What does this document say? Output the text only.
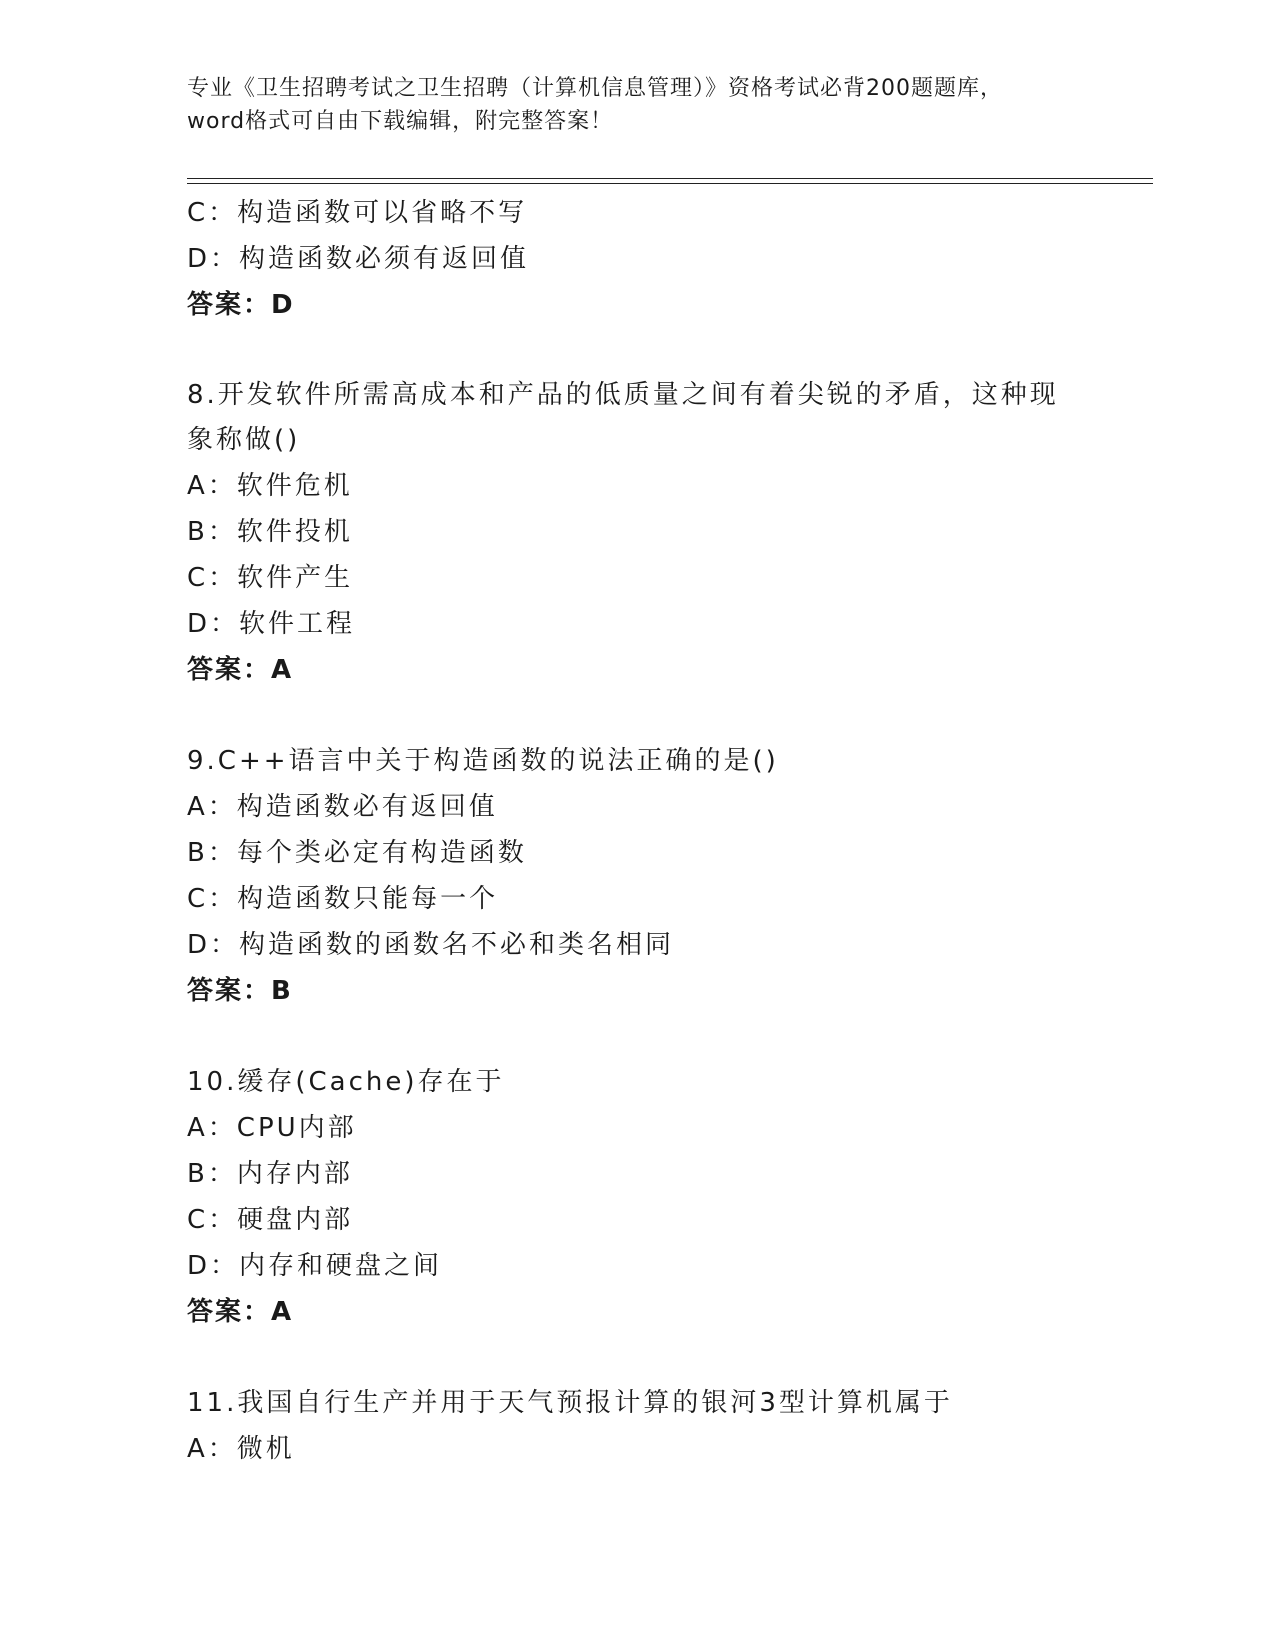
专业《卫生招聘考试之卫生招聘（计算机信息管理）》资格考试必背200题题库，
word格式可自由下载编辑，附完整答案！
C：构造函数可以省略不写
D：构造函数必须有返回值
答案：D
8.开发软件所需高成本和产品的低质量之间有着尖锐的矛盾，这种现象称做()
A：软件危机
B：软件投机
C：软件产生
D：软件工程
答案：A
9.C++语言中关于构造函数的说法正确的是()
A：构造函数必有返回值
B：每个类必定有构造函数
C：构造函数只能每一个
D：构造函数的函数名不必和类名相同
答案：B
10.缓存(Cache)存在于
A：CPU内部
B：内存内部
C：硬盘内部
D：内存和硬盘之间
答案：A
11.我国自行生产并用于天气预报计算的银河3型计算机属于
A：微机
